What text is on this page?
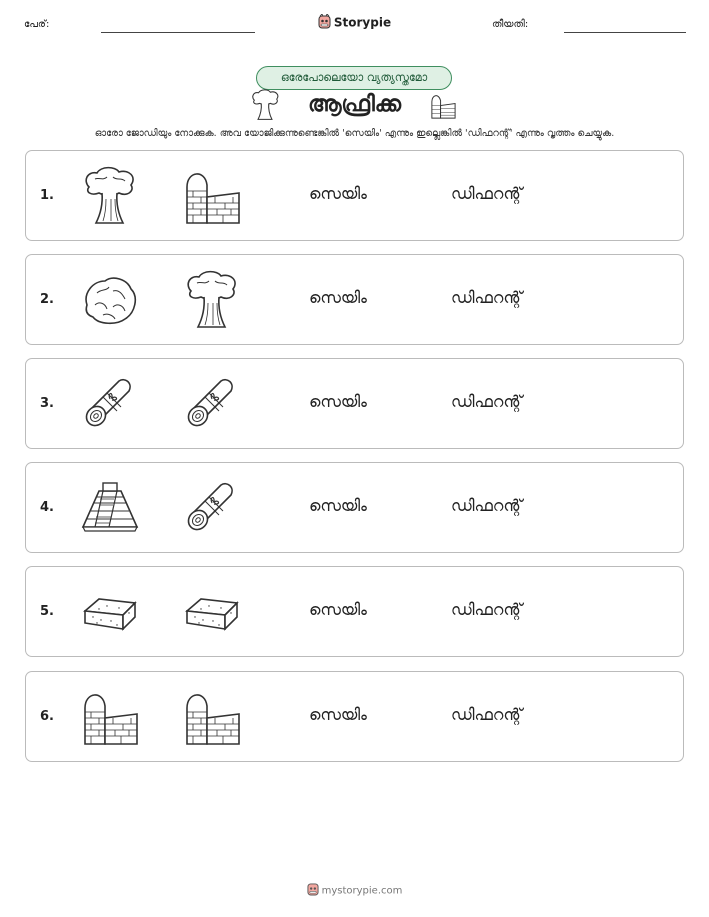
പേര്:	Storypie	തീയതി:
ഒരേപോലെയോ വ്യത്യസ്തമോ
ആഫ്രിക്ക
ഓരോ ജോഡിയും നോക്കുക. അവ യോജിക്കുന്നുണ്ടെങ്കിൽ 'സെയിം' എന്നും ഇല്ലെങ്കിൽ 'ഡിഫറന്റ്' എന്നും വൃത്തം ചെയ്യുക.
1.	സെയിം	ഡിഫറന്റ്
2.	സെയിം	ഡിഫറന്റ്
3.	സെയിം	ഡിഫറന്റ്
4.	സെയിം	ഡിഫറന്റ്
5.	സെയിം	ഡിഫറന്റ്
6.	സെയിം	ഡിഫറന്റ്
mystorypie.com
